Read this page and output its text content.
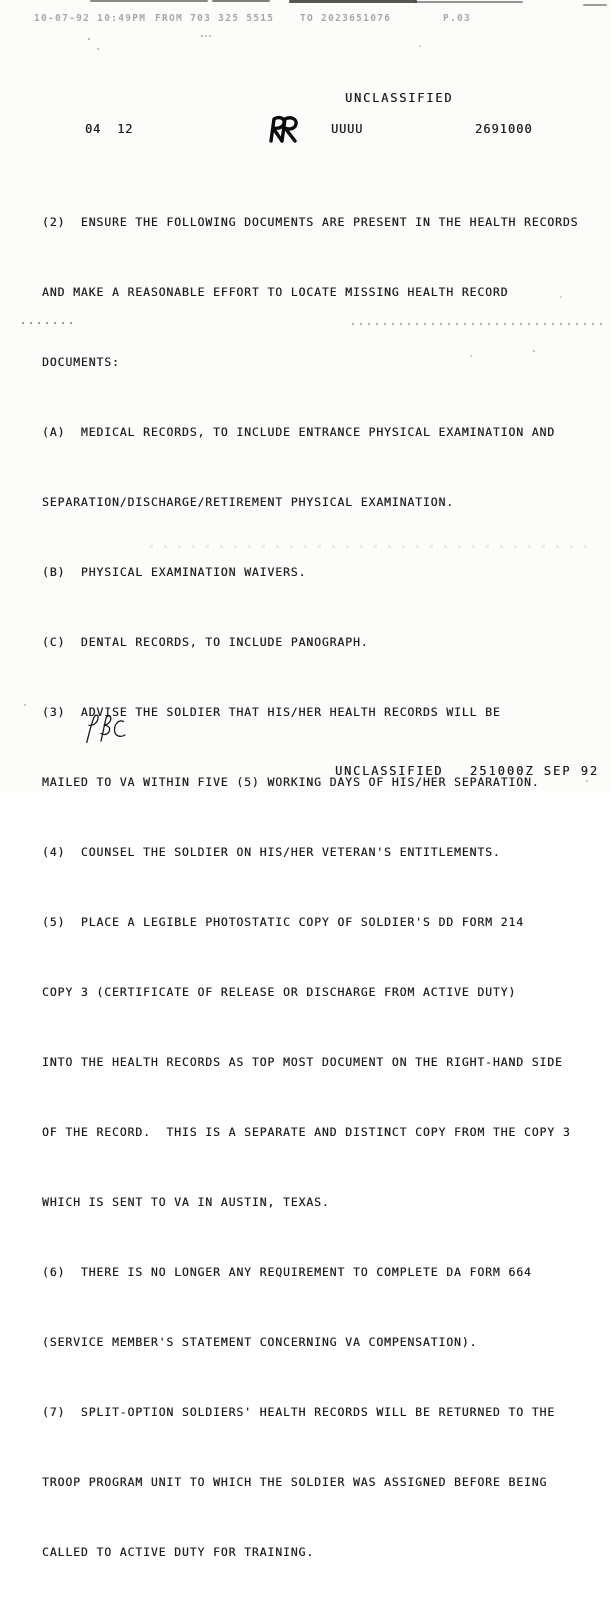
10-07-92 10:49PM FROM 703 325 5515	TO 2023651076	P.03
UNCLASSIFIED
04  12	UUUU	2691000

(2)  ENSURE THE FOLLOWING DOCUMENTS ARE PRESENT IN THE HEALTH RECORDS

AND MAKE A REASONABLE EFFORT TO LOCATE MISSING HEALTH RECORD

DOCUMENTS:

(A)  MEDICAL RECORDS, TO INCLUDE ENTRANCE PHYSICAL EXAMINATION AND

SEPARATION/DISCHARGE/RETIREMENT PHYSICAL EXAMINATION.

(B)  PHYSICAL EXAMINATION WAIVERS.

(C)  DENTAL RECORDS, TO INCLUDE PANOGRAPH.

(3)  ADVISE THE SOLDIER THAT HIS/HER HEALTH RECORDS WILL BE

MAILED TO VA WITHIN FIVE (5) WORKING DAYS OF HIS/HER SEPARATION.

(4)  COUNSEL THE SOLDIER ON HIS/HER VETERAN'S ENTITLEMENTS.

(5)  PLACE A LEGIBLE PHOTOSTATIC COPY OF SOLDIER'S DD FORM 214

COPY 3 (CERTIFICATE OF RELEASE OR DISCHARGE FROM ACTIVE DUTY)

INTO THE HEALTH RECORDS AS TOP MOST DOCUMENT ON THE RIGHT-HAND SIDE

OF THE RECORD.  THIS IS A SEPARATE AND DISTINCT COPY FROM THE COPY 3

WHICH IS SENT TO VA IN AUSTIN, TEXAS.

(6)  THERE IS NO LONGER ANY REQUIREMENT TO COMPLETE DA FORM 664

(SERVICE MEMBER'S STATEMENT CONCERNING VA COMPENSATION).

(7)  SPLIT-OPTION SOLDIERS' HEALTH RECORDS WILL BE RETURNED TO THE

TROOP PROGRAM UNIT TO WHICH THE SOLDIER WAS ASSIGNED BEFORE BEING

CALLED TO ACTIVE DUTY FOR TRAINING.

UNCLASSIFIED 251000Z SEP 92
